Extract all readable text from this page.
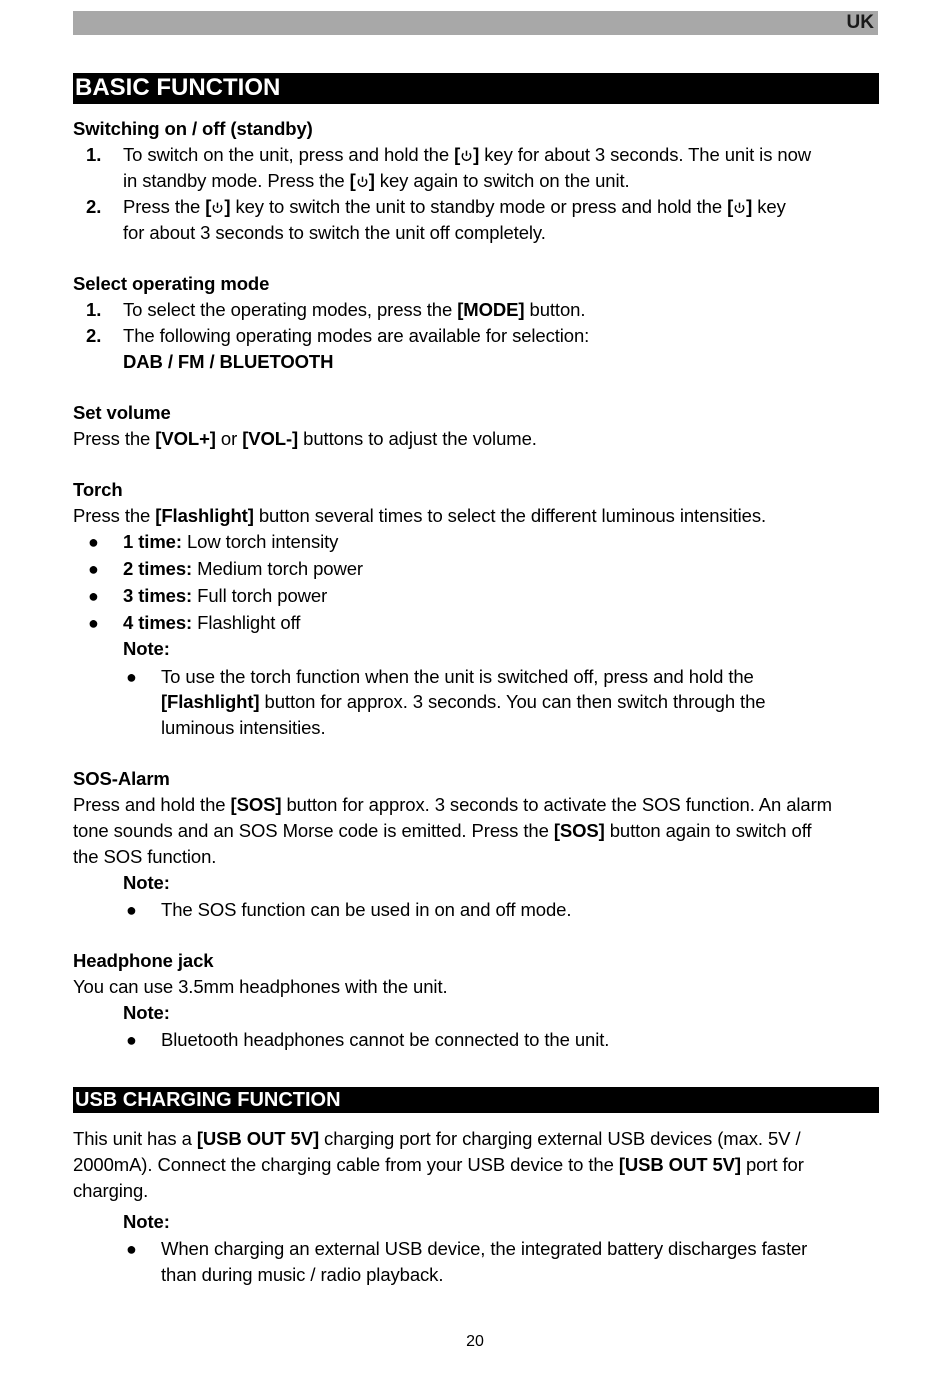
UK
BASIC FUNCTION
Switching on / off (standby)
1. To switch on the unit, press and hold the [ ] key for about 3 seconds. The unit is now
in standby mode. Press the [ ] key again to switch on the unit.
2. Press the [ ] key to switch the unit to standby mode or press and hold the [ ] key
for about 3 seconds to switch the unit off completely.
Select operating mode
1. To select the operating modes, press the [MODE] button.
2. The following operating modes are available for selection:
DAB / FM / BLUETOOTH
Set volume
Press the [VOL+] or [VOL-] buttons to adjust the volume.
Torch
Press the [Flashlight] button several times to select the different luminous intensities.
● 1 time: Low torch intensity
● 2 times: Medium torch power
● 3 times: Full torch power
● 4 times: Flashlight off
Note:
● To use the torch function when the unit is switched off, press and hold the
[Flashlight] button for approx. 3 seconds. You can then switch through the
luminous intensities.
SOS-Alarm
Press and hold the [SOS] button for approx. 3 seconds to activate the SOS function. An alarm
tone sounds and an SOS Morse code is emitted. Press the [SOS] button again to switch off
the SOS function.
Note:
● The SOS function can be used in on and off mode.
Headphone jack
You can use 3.5mm headphones with the unit.
Note:
● Bluetooth headphones cannot be connected to the unit.
USB CHARGING FUNCTION
This unit has a [USB OUT 5V] charging port for charging external USB devices (max. 5V /
2000mA). Connect the charging cable from your USB device to the [USB OUT 5V] port for
charging.
Note:
● When charging an external USB device, the integrated battery discharges faster
than during music / radio playback.
20
